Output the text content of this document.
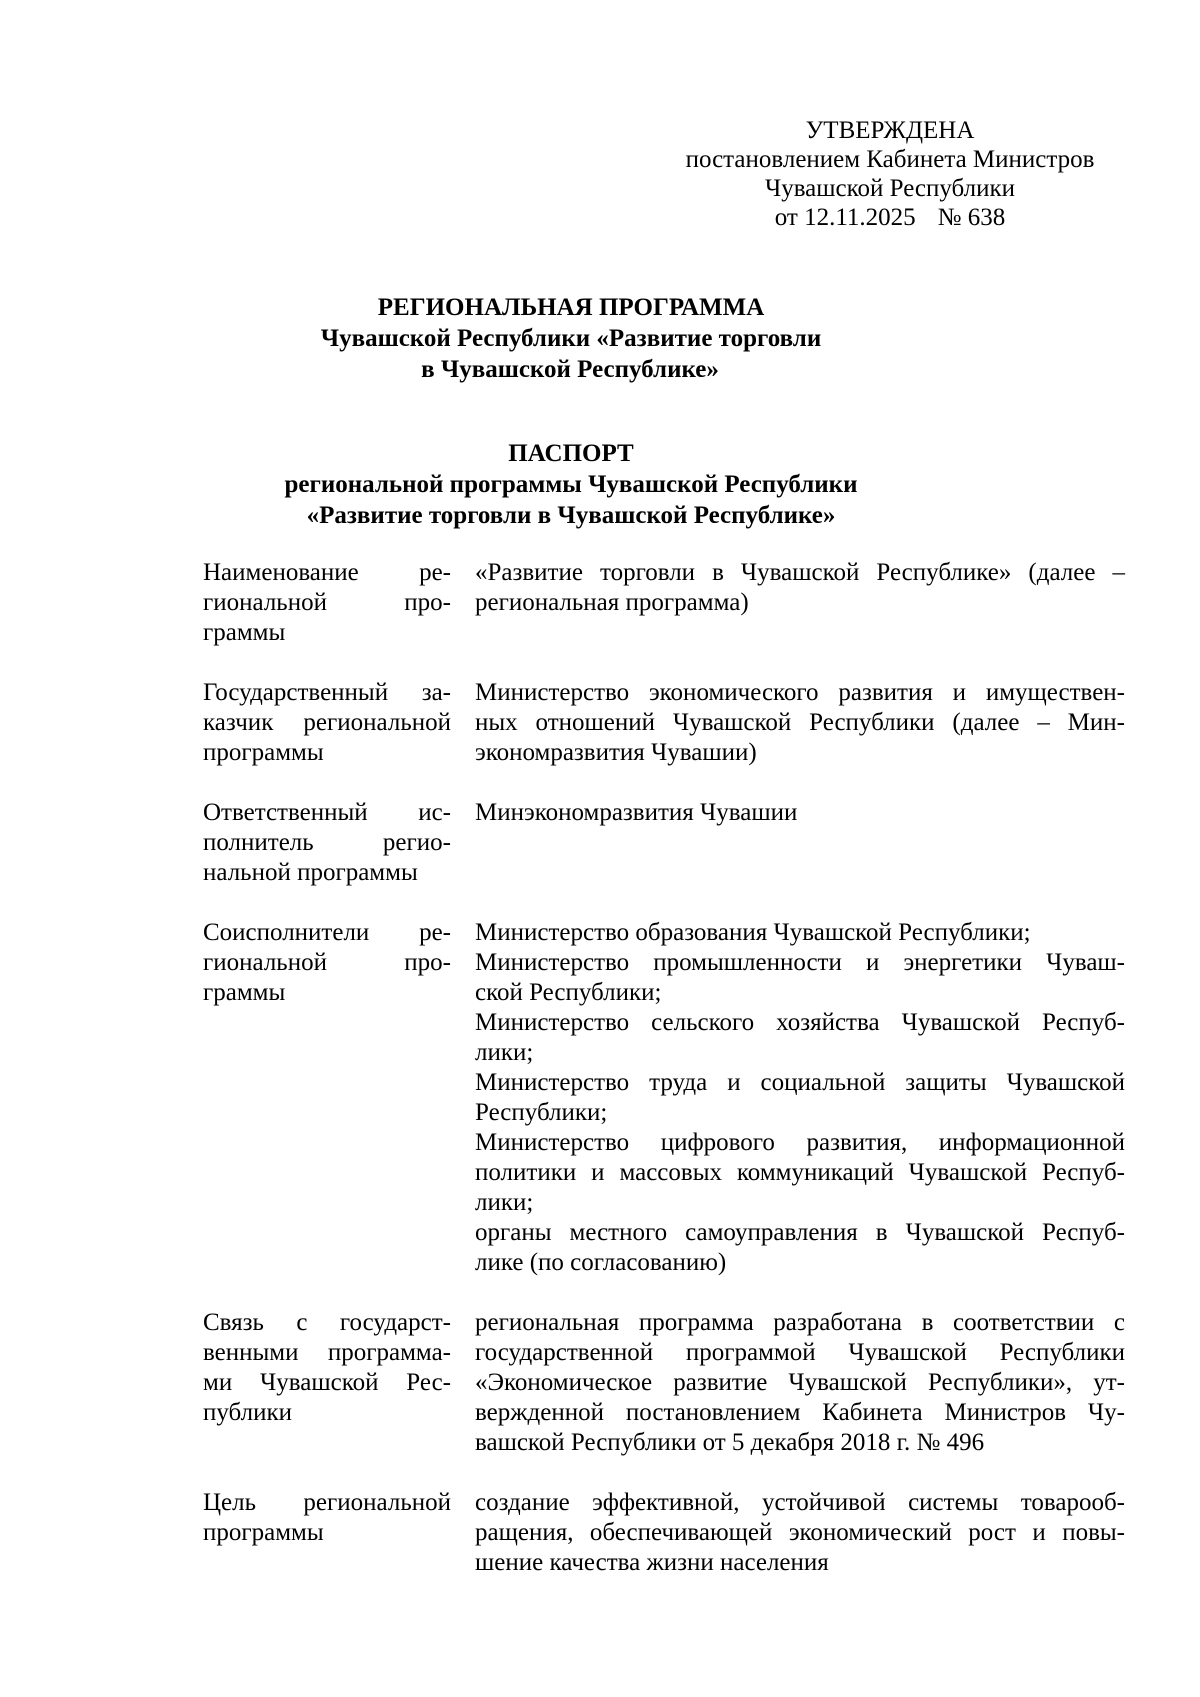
УТВЕРЖДЕНА
постановлением Кабинета Министров
Чувашской Республики
от 12.11.2025 № 638
РЕГИОНАЛЬНАЯ ПРОГРАММА
Чувашской Республики «Развитие торговли
в Чувашской Республике»
ПАСПОРТ
региональной программы Чувашской Республики
«Развитие торговли в Чувашской Республике»
Наименование ре-
гиональной про-
граммы
«Развитие торговли в Чувашской Республике» (далее –
региональная программа)
Государственный за-
казчик региональной
программы
Министерство экономического развития и имуществен-
ных отношений Чувашской Республики (далее – Мин-
экономразвития Чувашии)
Ответственный ис-
полнитель регио-
нальной программы
Минэкономразвития Чувашии
Соисполнители ре-
гиональной про-
граммы
Министерство образования Чувашской Республики;
Министерство промышленности и энергетики Чуваш-
ской Республики;
Министерство сельского хозяйства Чувашской Респуб-
лики;
Министерство труда и социальной защиты Чувашской
Республики;
Министерство цифрового развития, информационной
политики и массовых коммуникаций Чувашской Респуб-
лики;
органы местного самоуправления в Чувашской Респуб-
лике (по согласованию)
Связь с государст-
венными программа-
ми Чувашской Рес-
публики
региональная программа разработана в соответствии с
государственной программой Чувашской Республики
«Экономическое развитие Чувашской Республики», ут-
вержденной постановлением Кабинета Министров Чу-
вашской Республики от 5 декабря 2018 г. № 496
Цель региональной
программы
создание эффективной, устойчивой системы товарооб-
ращения, обеспечивающей экономический рост и повы-
шение качества жизни населения
